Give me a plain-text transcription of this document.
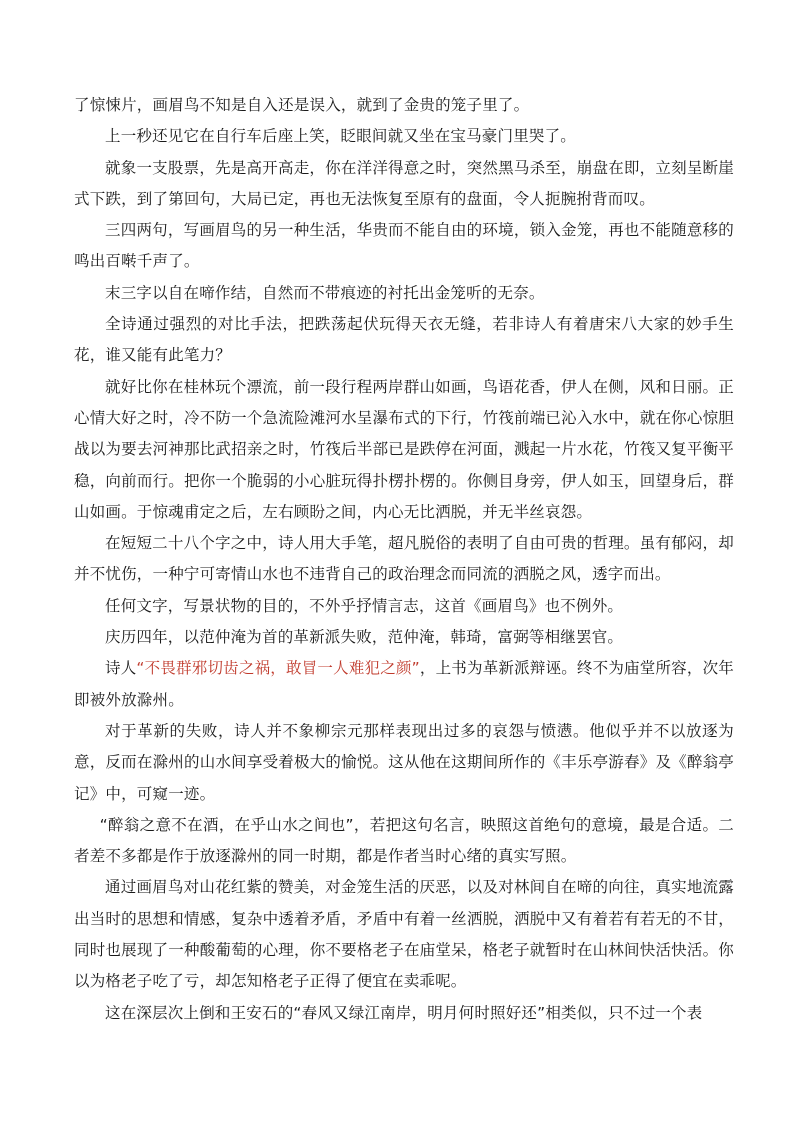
了惊悚片，画眉鸟不知是自入还是误入，就到了金贵的笼子里了。

上一秒还见它在自行车后座上笑，眨眼间就又坐在宝马豪门里哭了。

就象一支股票，先是高开高走，你在洋洋得意之时，突然黑马杀至，崩盘在即，立刻呈断崖式下跌，到了第回句，大局已定，再也无法恢复至原有的盘面，令人扼腕拊背而叹。

三四两句，写画眉鸟的另一种生活，华贵而不能自由的环境，锁入金笼，再也不能随意移的鸣出百啭千声了。

末三字以自在啼作结，自然而不带痕迹的衬托出金笼听的无奈。

全诗通过强烈的对比手法，把跌荡起伏玩得天衣无缝，若非诗人有着唐宋八大家的妙手生花，谁又能有此笔力？

就好比你在桂林玩个漂流，前一段行程两岸群山如画，鸟语花香，伊人在侧，风和日丽。正心情大好之时，冷不防一个急流险滩河水呈瀑布式的下行，竹筏前端已沁入水中，就在你心惊胆战以为要去河神那比武招亲之时，竹筏后半部已是跌停在河面，溅起一片水花，竹筏又复平衡平稳，向前而行。把你一个脆弱的小心脏玩得扑楞扑楞的。你侧目身旁，伊人如玉，回望身后，群山如画。于惊魂甫定之后，左右顾盼之间，内心无比洒脱，并无半丝哀怨。

在短短二十八个字之中，诗人用大手笔，超凡脱俗的表明了自由可贵的哲理。虽有郁闷，却并不忧伤，一种宁可寄情山水也不违背自己的政治理念而同流的洒脱之风，透字而出。

任何文字，写景状物的目的，不外乎抒情言志，这首《画眉鸟》也不例外。

庆历四年，以范仲淹为首的革新派失败，范仲淹，韩琦，富弼等相继罢官。

诗人“不畏群邪切齿之祸，敢冒一人难犯之颜”，上书为革新派辩诬。终不为庙堂所容，次年即被外放滁州。

对于革新的失败，诗人并不象柳宗元那样表现出过多的哀怨与愤懑。他似乎并不以放逐为意，反而在滁州的山水间享受着极大的愉悦。这从他在这期间所作的《丰乐亭游春》及《醉翁亭记》中，可窥一迹。

“醉翁之意不在酒，在乎山水之间也”，若把这句名言，映照这首绝句的意境，最是合适。二者差不多都是作于放逐滁州的同一时期，都是作者当时心绪的真实写照。

通过画眉鸟对山花红紫的赞美，对金笼生活的厌恶，以及对林间自在啼的向往，真实地流露出当时的思想和情感，复杂中透着矛盾，矛盾中有着一丝洒脱，洒脱中又有着若有若无的不甘，同时也展现了一种酸葡萄的心理，你不要格老子在庙堂呆，格老子就暂时在山林间快活快活。你以为格老子吃了亏，却怎知格老子正得了便宜在卖乖呢。

这在深层次上倒和王安石的“春风又绿江南岸，明月何时照好还”相类似，只不过一个表
